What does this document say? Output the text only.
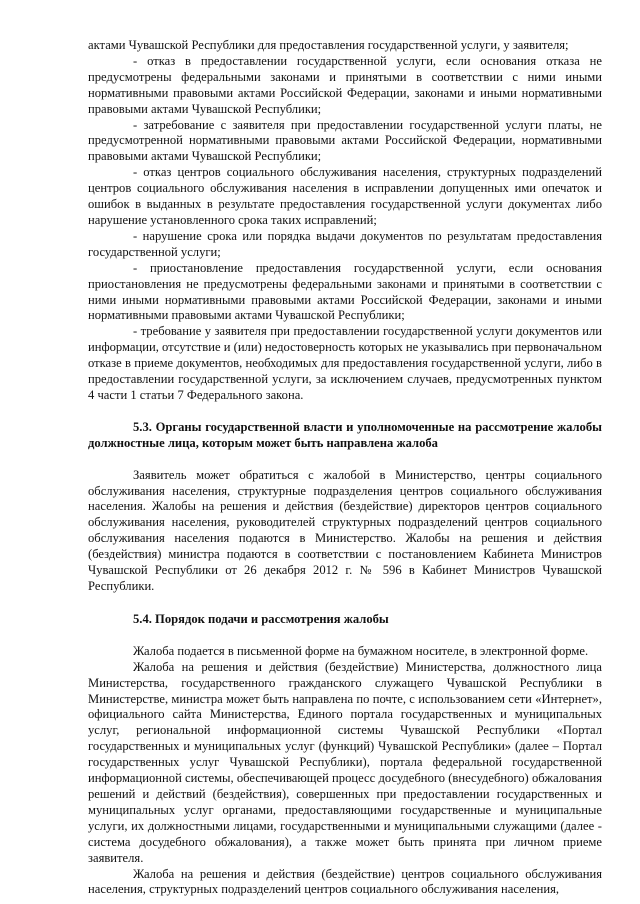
актами Чувашской Республики для предоставления государственной услуги, у заявителя;

- отказ в предоставлении государственной услуги, если основания отказа не предусмотрены федеральными законами и принятыми в соответствии с ними иными нормативными правовыми актами Российской Федерации, законами и иными нормативными правовыми актами Чувашской Республики;

- затребование с заявителя при предоставлении государственной услуги платы, не предусмотренной нормативными правовыми актами Российской Федерации, нормативными правовыми актами Чувашской Республики;

- отказ центров социального обслуживания населения, структурных подразделений центров социального обслуживания населения в исправлении допущенных ими опечаток и ошибок в выданных в результате предоставления государственной услуги документах либо нарушение установленного срока таких исправлений;

- нарушение срока или порядка выдачи документов по результатам предоставления государственной услуги;

- приостановление предоставления государственной услуги, если основания приостановления не предусмотрены федеральными законами и принятыми в соответствии с ними иными нормативными правовыми актами Российской Федерации, законами и иными нормативными правовыми актами Чувашской Республики;

- требование у заявителя при предоставлении государственной услуги документов или информации, отсутствие и (или) недостоверность которых не указывались при первоначальном отказе в приеме документов, необходимых для предоставления государственной услуги, либо в предоставлении государственной услуги, за исключением случаев, предусмотренных пунктом 4 части 1 статьи 7 Федерального закона.

5.3. Органы государственной власти и уполномоченные на рассмотрение жалобы должностные лица, которым может быть направлена жалоба

Заявитель может обратиться с жалобой в Министерство, центры социального обслуживания населения, структурные подразделения центров социального обслуживания населения. Жалобы на решения и действия (бездействие) директоров центров социального обслуживания населения, руководителей структурных подразделений центров социального обслуживания населения подаются в Министерство. Жалобы на решения и действия (бездействия) министра подаются в соответствии с постановлением Кабинета Министров Чувашской Республики от 26 декабря 2012 г. № 596 в Кабинет Министров Чувашской Республики.

5.4. Порядок подачи и рассмотрения жалобы

Жалоба подается в письменной форме на бумажном носителе, в электронной форме.

Жалоба на решения и действия (бездействие) Министерства, должностного лица Министерства, государственного гражданского служащего Чувашской Республики в Министерстве, министра может быть направлена по почте, с использованием сети «Интернет», официального сайта Министерства, Единого портала государственных и муниципальных услуг, региональной информационной системы Чувашской Республики «Портал государственных и муниципальных услуг (функций) Чувашской Республики» (далее – Портал государственных услуг Чувашской Республики), портала федеральной государственной информационной системы, обеспечивающей процесс досудебного (внесудебного) обжалования решений и действий (бездействия), совершенных при предоставлении государственных и муниципальных услуг органами, предоставляющими государственные и муниципальные услуги, их должностными лицами, государственными и муниципальными служащими (далее - система досудебного обжалования), а также может быть принята при личном приеме заявителя.

Жалоба на решения и действия (бездействие) центров социального обслуживания населения, структурных подразделений центров социального обслуживания населения,
